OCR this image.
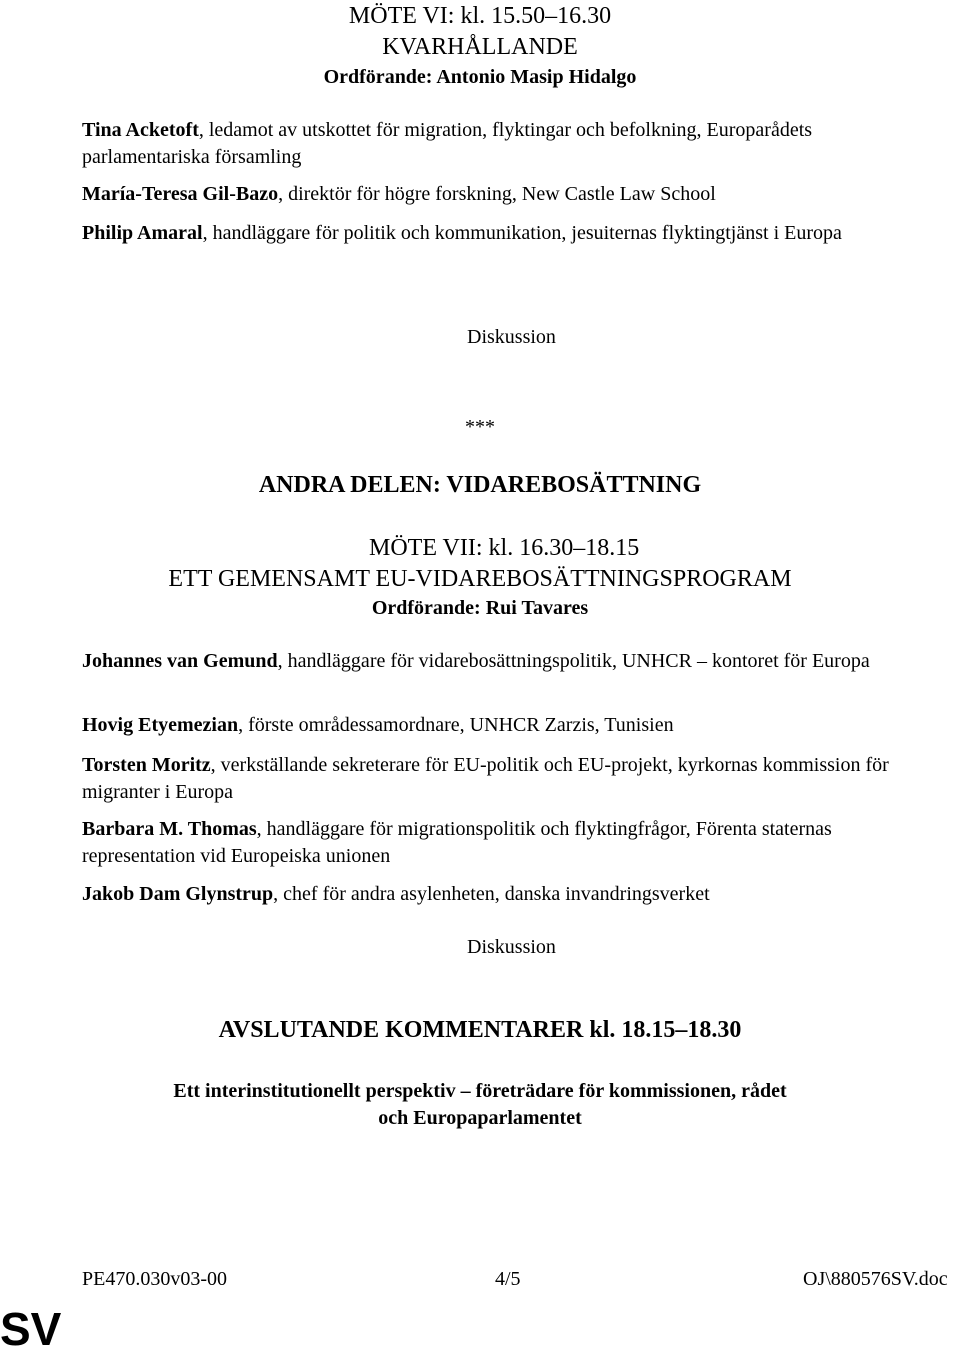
MÖTE VI: kl. 15.50–16.30
KVARHÅLLANDE
Ordförande: Antonio Masip Hidalgo
Tina Acketoft, ledamot av utskottet för migration, flyktingar och befolkning, Europarådets parlamentariska församling
María-Teresa Gil-Bazo, direktör för högre forskning, New Castle Law School
Philip Amaral, handläggare för politik och kommunikation, jesuiternas flyktingtjänst i Europa
Diskussion
***
ANDRA DELEN: VIDAREBOSÄTTNING
MÖTE VII: kl. 16.30–18.15
ETT GEMENSAMT EU-VIDAREBOSÄTTNINGSPROGRAM
Ordförande: Rui Tavares
Johannes van Gemund, handläggare för vidarebosättningspolitik, UNHCR – kontoret för Europa
Hovig Etyemezian, förste områdessamordnare, UNHCR Zarzis, Tunisien
Torsten Moritz, verkställande sekreterare för EU-politik och EU-projekt, kyrkornas kommission för migranter i Europa
Barbara M. Thomas, handläggare för migrationspolitik och flyktingfrågor, Förenta staternas representation vid Europeiska unionen
Jakob Dam Glynstrup, chef för andra asylenheten, danska invandringsverket
Diskussion
AVSLUTANDE KOMMENTARER kl. 18.15–18.30
Ett interinstitutionellt perspektiv – företrädare för kommissionen, rådet och Europaparlamentet
PE470.030v03-00	4/5	OJ\880576SV.doc
SV
